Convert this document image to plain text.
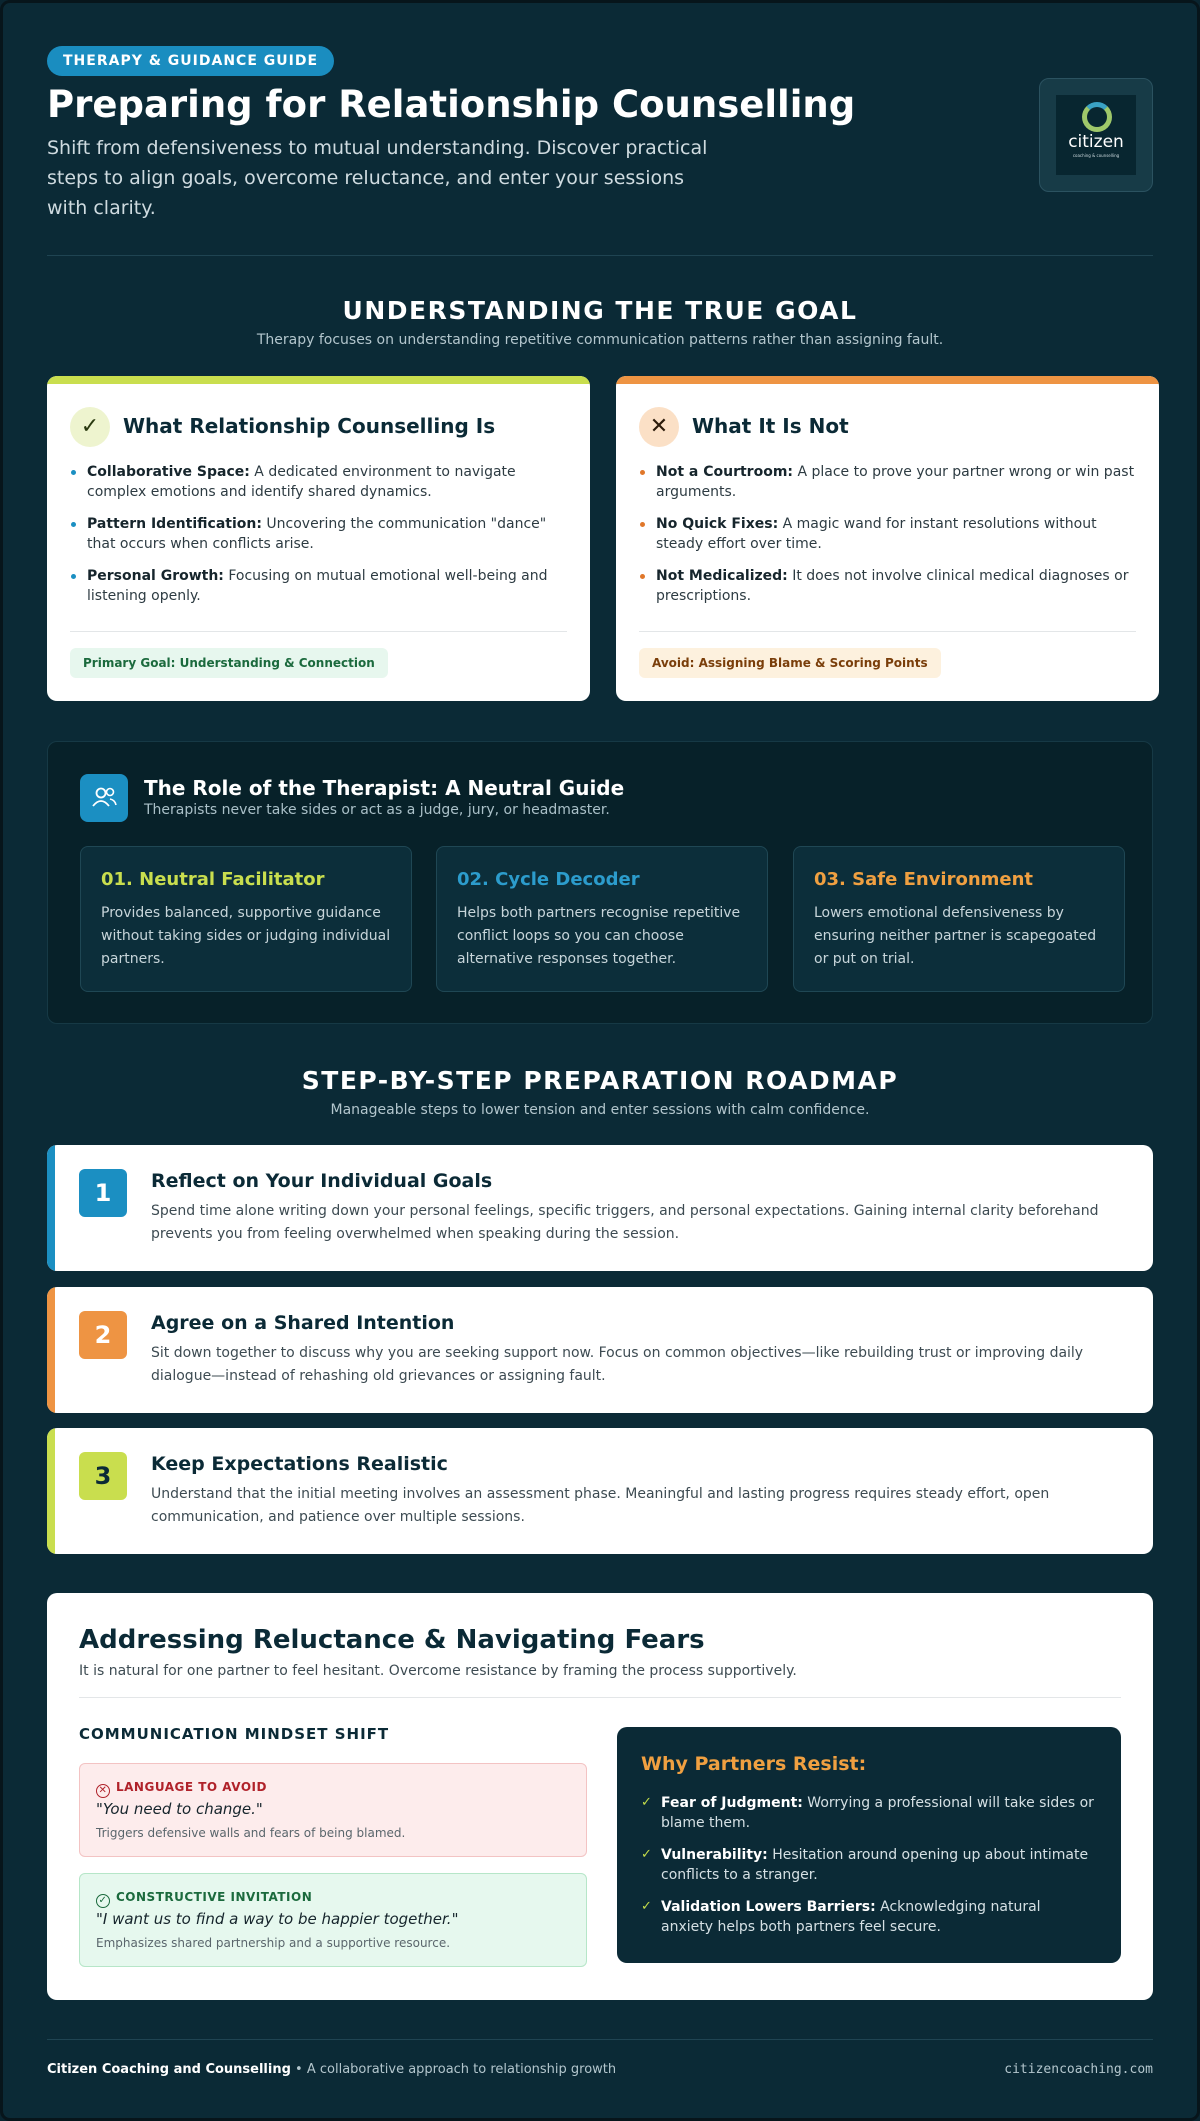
THERAPY & GUIDANCE GUIDE
Preparing for Relationship Counselling
Shift from defensiveness to mutual understanding. Discover practical steps to align goals, overcome reluctance, and enter your sessions with clarity.
citizen
coaching & counselling
UNDERSTANDING THE TRUE GOAL
Therapy focuses on understanding repetitive communication patterns rather than assigning fault.
✓	What Relationship Counselling Is
Collaborative Space: A dedicated environment to navigate complex emotions and identify shared dynamics.
Pattern Identification: Uncovering the communication "dance" that occurs when conflicts arise.
Personal Growth: Focusing on mutual emotional well-being and listening openly.
Primary Goal: Understanding & Connection
✕	What It Is Not
Not a Courtroom: A place to prove your partner wrong or win past arguments.
No Quick Fixes: A magic wand for instant resolutions without steady effort over time.
Not Medicalized: It does not involve clinical medical diagnoses or prescriptions.
Avoid: Assigning Blame & Scoring Points
The Role of the Therapist: A Neutral Guide
Therapists never take sides or act as a judge, jury, or headmaster.
01. Neutral Facilitator
Provides balanced, supportive guidance without taking sides or judging individual partners.
02. Cycle Decoder
Helps both partners recognise repetitive conflict loops so you can choose alternative responses together.
03. Safe Environment
Lowers emotional defensiveness by ensuring neither partner is scapegoated or put on trial.
STEP-BY-STEP PREPARATION ROADMAP
Manageable steps to lower tension and enter sessions with calm confidence.
1	Reflect on Your Individual Goals
Spend time alone writing down your personal feelings, specific triggers, and personal expectations. Gaining internal clarity beforehand prevents you from feeling overwhelmed when speaking during the session.
2	Agree on a Shared Intention
Sit down together to discuss why you are seeking support now. Focus on common objectives—like rebuilding trust or improving daily dialogue—instead of rehashing old grievances or assigning fault.
3	Keep Expectations Realistic
Understand that the initial meeting involves an assessment phase. Meaningful and lasting progress requires steady effort, open communication, and patience over multiple sessions.
Addressing Reluctance & Navigating Fears
It is natural for one partner to feel hesitant. Overcome resistance by framing the process supportively.
COMMUNICATION MINDSET SHIFT
✕ LANGUAGE TO AVOID
"You need to change."
Triggers defensive walls and fears of being blamed.
✓ CONSTRUCTIVE INVITATION
"I want us to find a way to be happier together."
Emphasizes shared partnership and a supportive resource.
Why Partners Resist:
✓ Fear of Judgment: Worrying a professional will take sides or blame them.
✓ Vulnerability: Hesitation around opening up about intimate conflicts to a stranger.
✓ Validation Lowers Barriers: Acknowledging natural anxiety helps both partners feel secure.
Citizen Coaching and Counselling • A collaborative approach to relationship growth	citizencoaching.com
